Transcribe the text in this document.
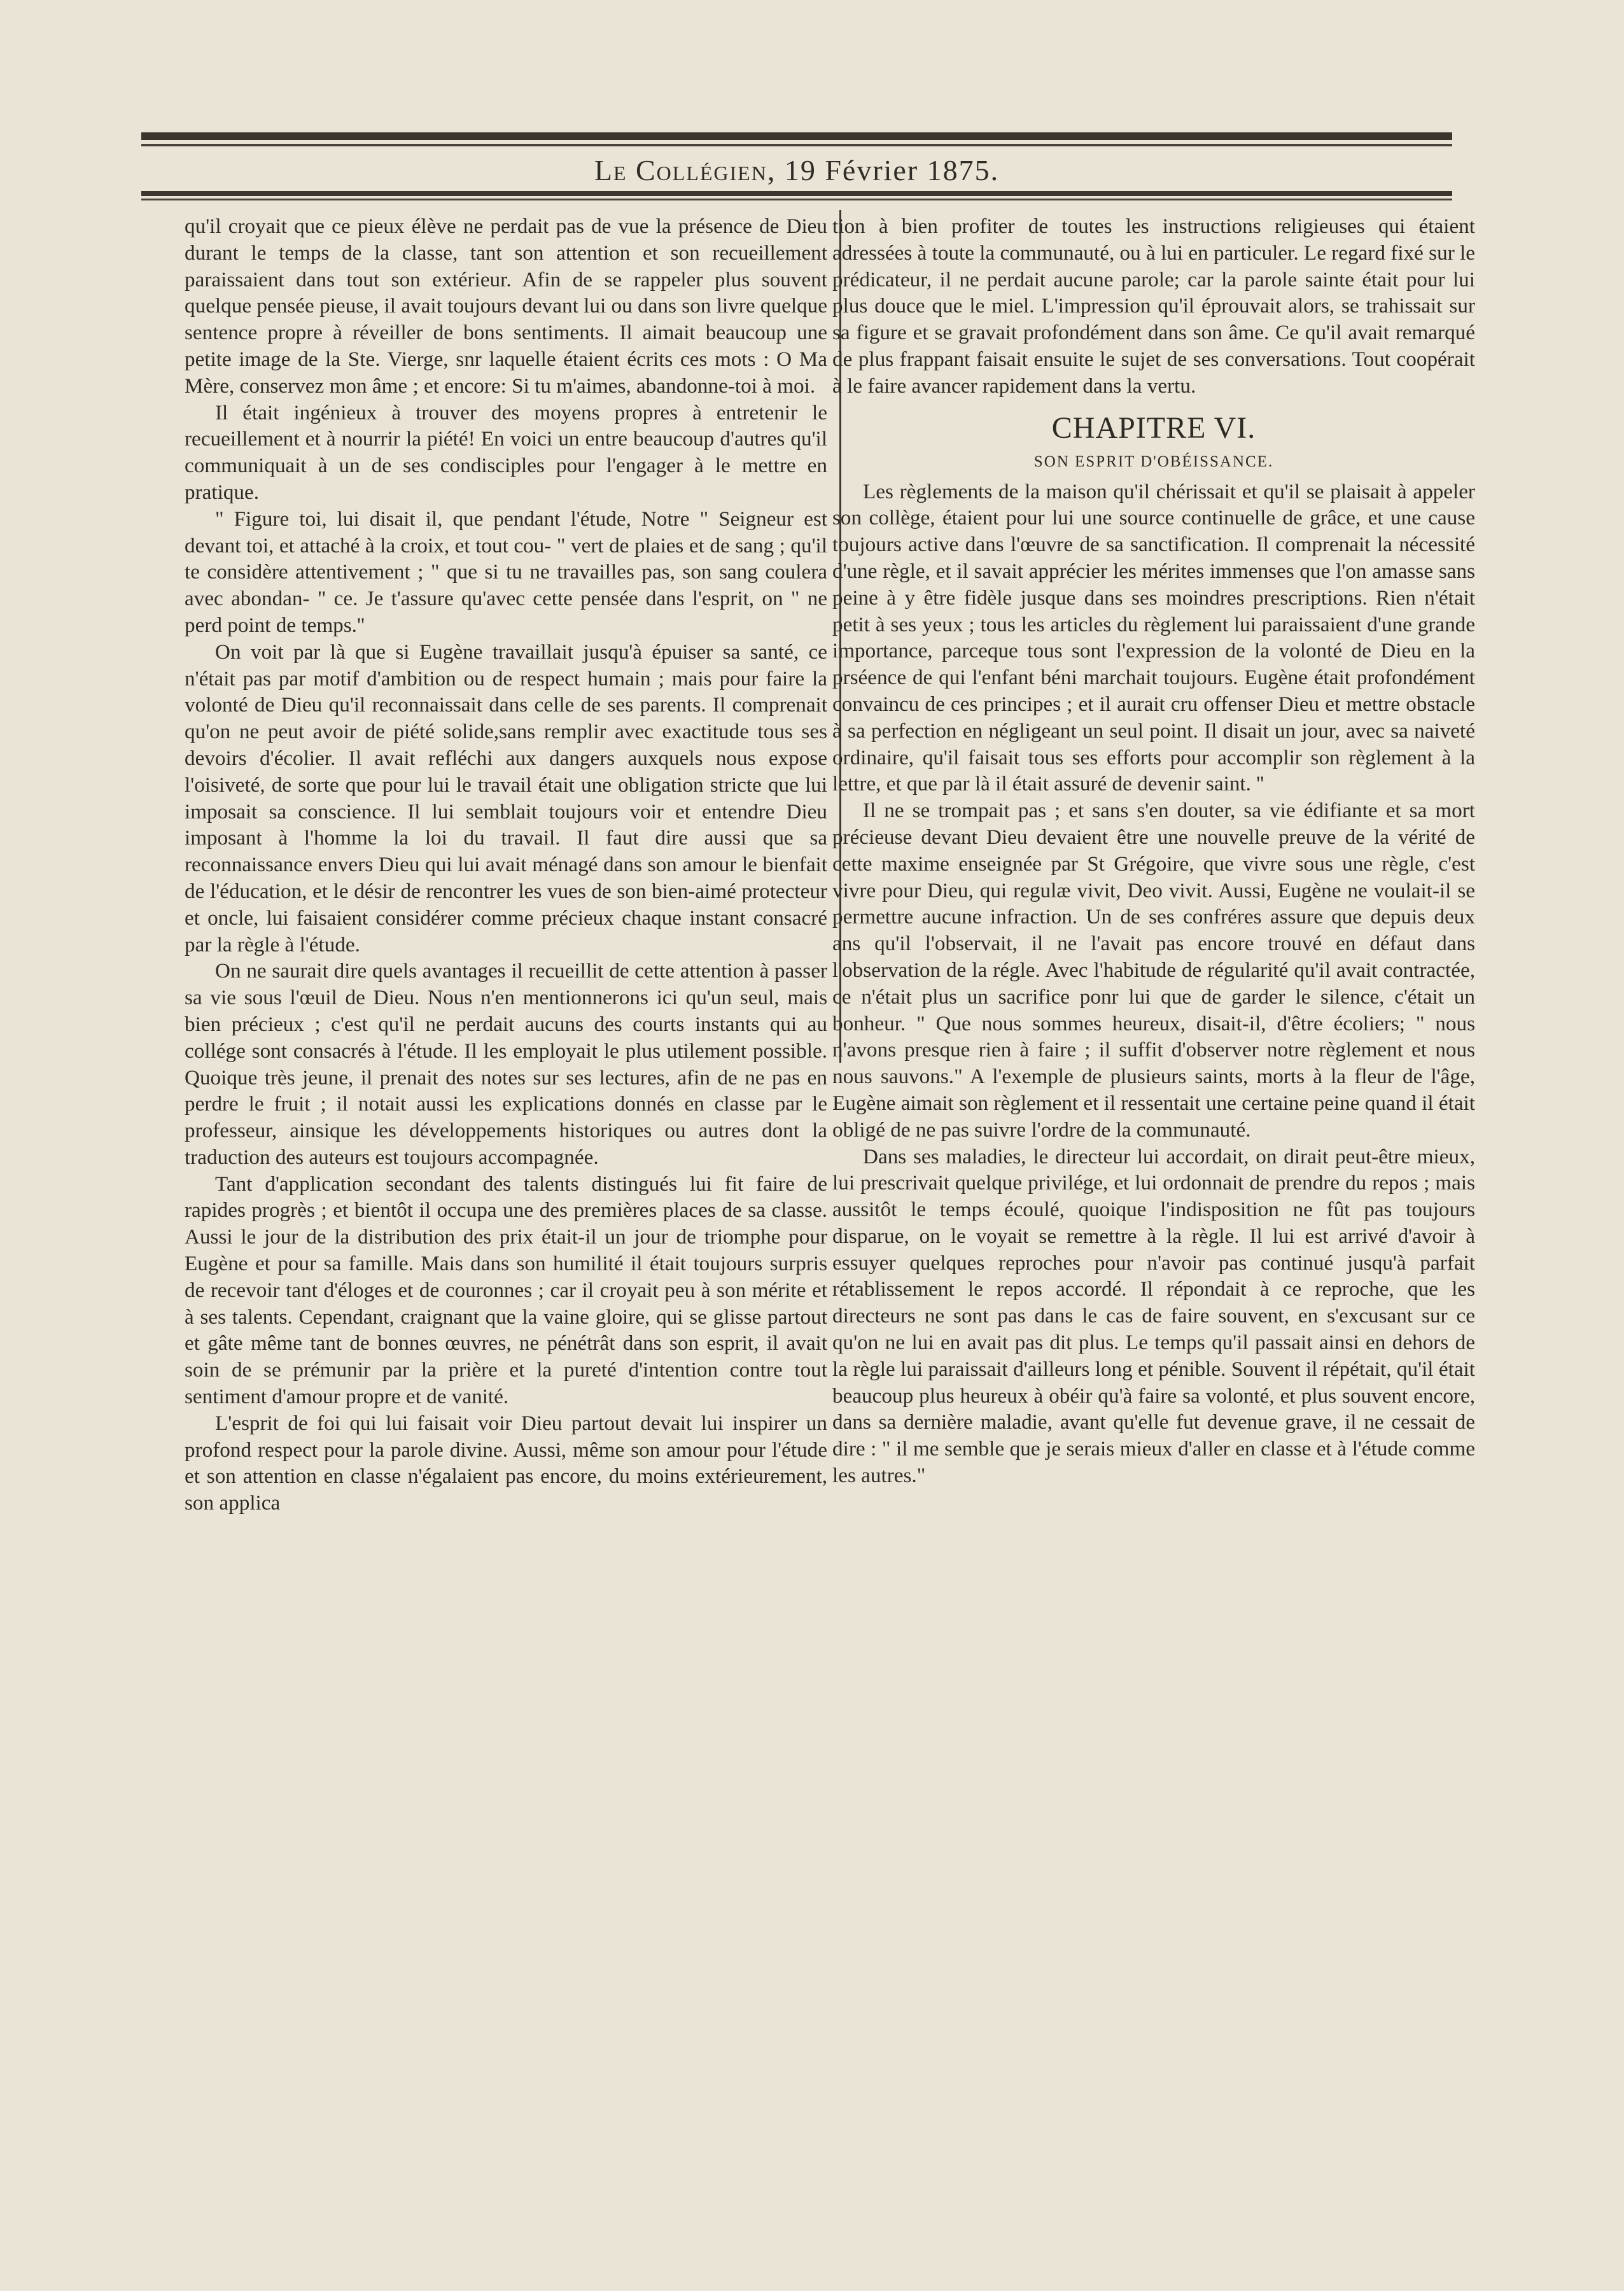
Le Collégien, 19 Février 1875.

qu'il croyait que ce pieux élève ne perdait pas de vue la présence de Dieu durant le temps de la classe, tant son attention et son recueillement paraissaient dans tout son extérieur. Afin de se rappeler plus souvent quelque pensée pieuse, il avait toujours devant lui ou dans son livre quelque sentence propre à réveiller de bons sentiments. Il aimait beaucoup une petite image de la Ste. Vierge, snr laquelle étaient écrits ces mots : O Ma Mère, conservez mon âme ; et encore: Si tu m'aimes, abandonne-toi à moi.

Il était ingénieux à trouver des moyens propres à entretenir le recueillement et à nourrir la piété! En voici un entre beaucoup d'autres qu'il communiquait à un de ses condisciples pour l'engager à le mettre en pratique.

" Figure toi, lui disait il, que pendant l'étude, Notre " Seigneur est devant toi, et attaché à la croix, et tout cou- " vert de plaies et de sang ; qu'il te considère attentivement ; " que si tu ne travailles pas, son sang coulera avec abondan- " ce. Je t'assure qu'avec cette pensée dans l'esprit, on " ne perd point de temps.''

On voit par là que si Eugène travaillait jusqu'à épuiser sa santé, ce n'était pas par motif d'ambition ou de respect humain ; mais pour faire la volonté de Dieu qu'il reconnaissait dans celle de ses parents. Il comprenait qu'on ne peut avoir de piété solide,sans remplir avec exactitude tous ses devoirs d'écolier. Il avait refléchi aux dangers auxquels nous expose l'oisiveté, de sorte que pour lui le travail était une obligation stricte que lui imposait sa conscience. Il lui semblait toujours voir et entendre Dieu imposant à l'homme la loi du travail. Il faut dire aussi que sa reconnaissance envers Dieu qui lui avait ménagé dans son amour le bienfait de l'éducation, et le désir de rencontrer les vues de son bien-aimé protecteur et oncle, lui faisaient considérer comme précieux chaque instant consacré par la règle à l'étude.

On ne saurait dire quels avantages il recueillit de cette attention à passer sa vie sous l'œuil de Dieu. Nous n'en mentionnerons ici qu'un seul, mais bien précieux ; c'est qu'il ne perdait aucuns des courts instants qui au collége sont consacrés à l'étude. Il les employait le plus utilement possible. Quoique très jeune, il prenait des notes sur ses lectures, afin de ne pas en perdre le fruit ; il notait aussi les explications donnés en classe par le professeur, ainsique les développements historiques ou autres dont la traduction des auteurs est toujours accompagnée.

Tant d'application secondant des talents distingués lui fit faire de rapides progrès ; et bientôt il occupa une des premières places de sa classe. Aussi le jour de la distribution des prix était-il un jour de triomphe pour Eugène et pour sa famille. Mais dans son humilité il était toujours surpris de recevoir tant d'éloges et de couronnes ; car il croyait peu à son mérite et à ses talents. Cependant, craignant que la vaine gloire, qui se glisse partout et gâte même tant de bonnes œuvres, ne pénétrât dans son esprit, il avait soin de se prémunir par la prière et la pureté d'intention contre tout sentiment d'amour propre et de vanité.

L'esprit de foi qui lui faisait voir Dieu partout devait lui inspirer un profond respect pour la parole divine. Aussi, même son amour pour l'étude et son attention en classe n'égalaient pas encore, du moins extérieurement, son applica

tion à bien profiter de toutes les instructions religieuses qui étaient adressées à toute la communauté, ou à lui en particuler. Le regard fixé sur le prédicateur, il ne perdait aucune parole; car la parole sainte était pour lui plus douce que le miel. L'impression qu'il éprouvait alors, se trahissait sur sa figure et se gravait profondément dans son âme. Ce qu'il avait remarqué de plus frappant faisait ensuite le sujet de ses conversations. Tout coopérait à le faire avancer rapidement dans la vertu.

CHAPITRE VI.
SON ESPRIT D'OBÉISSANCE.

Les règlements de la maison qu'il chérissait et qu'il se plaisait à appeler son collège, étaient pour lui une source continuelle de grâce, et une cause toujours active dans l'œuvre de sa sanctification. Il comprenait la nécessité d'une règle, et il savait apprécier les mérites immenses que l'on amasse sans peine à y être fidèle jusque dans ses moindres prescriptions. Rien n'était petit à ses yeux ; tous les articles du règlement lui paraissaient d'une grande importance, parceque tous sont l'expression de la volonté de Dieu en la prséence de qui l'enfant béni marchait toujours. Eugène était profondément convaincu de ces principes ; et il aurait cru offenser Dieu et mettre obstacle à sa perfection en négligeant un seul point. Il disait un jour, avec sa naiveté ordinaire, qu'il faisait tous ses efforts pour accomplir son règlement à la lettre, et que par là il était assuré de devenir saint. ''

Il ne se trompait pas ; et sans s'en douter, sa vie édifiante et sa mort précieuse devant Dieu devaient être une nouvelle preuve de la vérité de cette maxime enseignée par St Grégoire, que vivre sous une règle, c'est vivre pour Dieu, qui regulæ vivit, Deo vivit. Aussi, Eugène ne voulait-il se permettre aucune infraction. Un de ses confréres assure que depuis deux ans qu'il l'observait, il ne l'avait pas encore trouvé en défaut dans l'observation de la régle. Avec l'habitude de régularité qu'il avait contractée, ce n'était plus un sacrifice ponr lui que de garder le silence, c'était un bonheur. " Que nous sommes heureux, disait-il, d'être écoliers; " nous n'avons presque rien à faire ; il suffit d'observer notre règlement et nous nous sauvons." A l'exemple de plusieurs saints, morts à la fleur de l'âge, Eugène aimait son règlement et il ressentait une certaine peine quand il était obligé de ne pas suivre l'ordre de la communauté.

Dans ses maladies, le directeur lui accordait, on dirait peut-être mieux, lui prescrivait quelque privilége, et lui ordonnait de prendre du repos ; mais aussitôt le temps écoulé, quoique l'indisposition ne fût pas toujours disparue, on le voyait se remettre à la règle. Il lui est arrivé d'avoir à essuyer quelques reproches pour n'avoir pas continué jusqu'à parfait rétablissement le repos accordé. Il répondait à ce reproche, que les directeurs ne sont pas dans le cas de faire souvent, en s'excusant sur ce qu'on ne lui en avait pas dit plus. Le temps qu'il passait ainsi en dehors de la règle lui paraissait d'ailleurs long et pénible. Souvent il répétait, qu'il était beaucoup plus heureux à obéir qu'à faire sa volonté, et plus souvent encore, dans sa dernière maladie, avant qu'elle fut devenue grave, il ne cessait de dire : " il me semble que je serais mieux d'aller en classe et à l'étude comme les autres."
